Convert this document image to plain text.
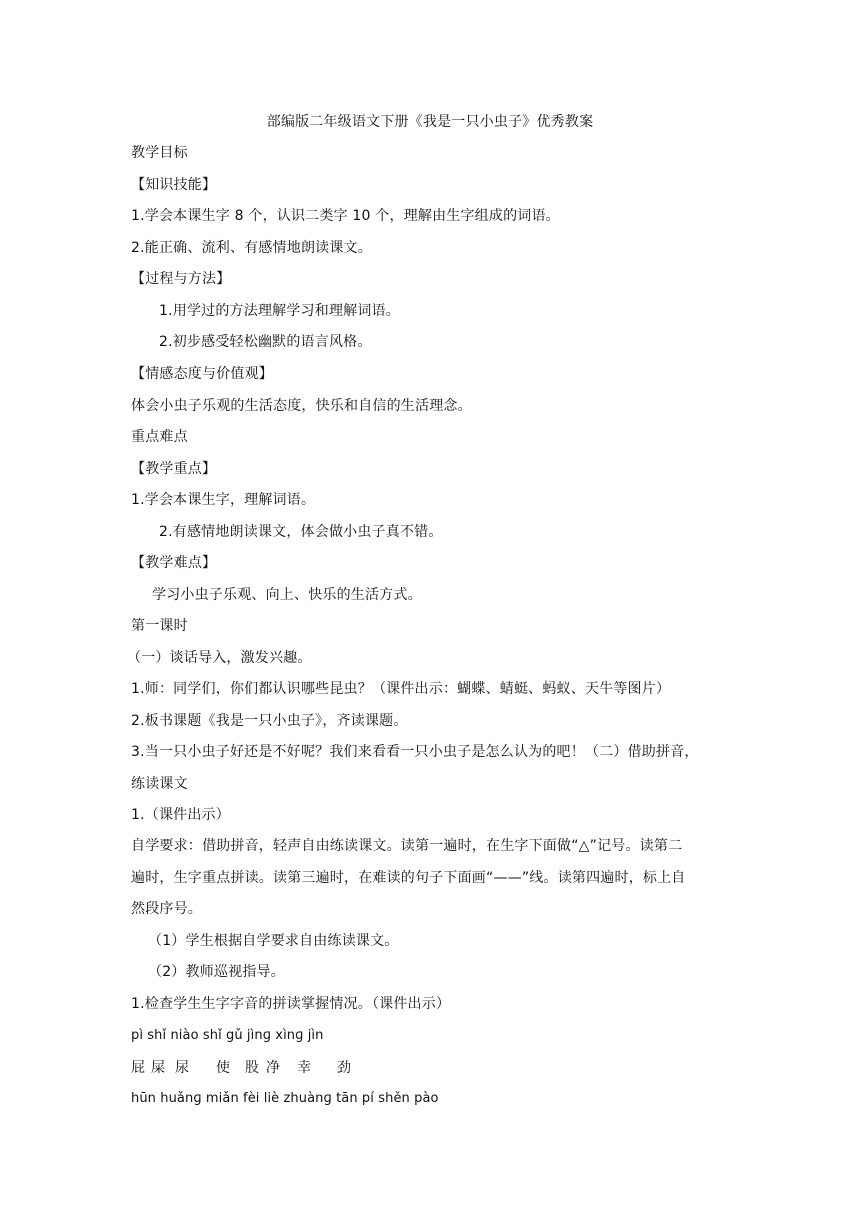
部编版二年级语文下册《我是一只小虫子》优秀教案
教学目标
【知识技能】
1.学会本课生字 8 个，认识二类字 10 个，理解由生字组成的词语。
2.能正确、流利、有感情地朗读课文。
【过程与方法】
1.用学过的方法理解学习和理解词语。
2.初步感受轻松幽默的语言风格。
【情感态度与价值观】
体会小虫子乐观的生活态度，快乐和自信的生活理念。
重点难点
【教学重点】
1.学会本课生字，理解词语。
2.有感情地朗读课文，体会做小虫子真不错。
【教学难点】
学习小虫子乐观、向上、快乐的生活方式。
第一课时
（一）谈话导入，激发兴趣。
1.师：同学们，你们都认识哪些昆虫？（课件出示：蝴蝶、蜻蜓、蚂蚁、天牛等图片）
2.板书课题《我是一只小虫子》，齐读课题。
3.当一只小虫子好还是不好呢？我们来看看一只小虫子是怎么认为的吧！（二）借助拼音，
练读课文
1.（课件出示）
自学要求：借助拼音，轻声自由练读课文。读第一遍时，在生字下面做“△”记号。读第二
遍时，生字重点拼读。读第三遍时，在难读的句子下面画“——”线。读第四遍时，标上自
然段序号。
（1）学生根据自学要求自由练读课文。
（2）教师巡视指导。
1.检查学生生字字音的拼读掌握情况。（课件出示）
pì shǐ niào shǐ gǔ jìnɡ xìnɡ jìn
屁 屎 尿 使 股 净 幸 劲
hūn huǎnɡ miǎn fèi liè zhuànɡ tān pí shěn pào
